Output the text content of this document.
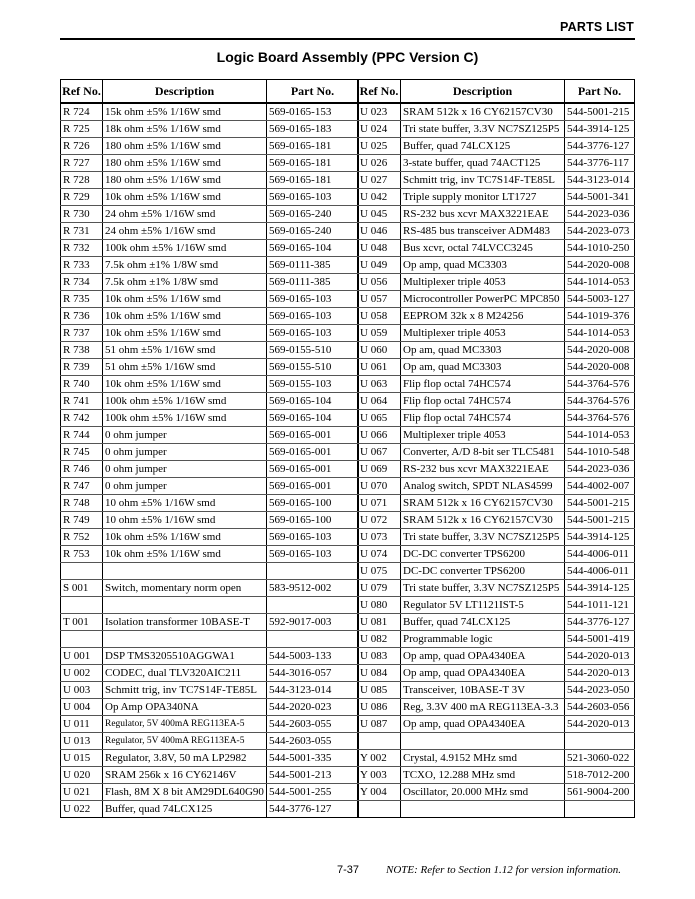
PARTS LIST
Logic Board Assembly (PPC Version C)
Ref No.	Description	Part No.
R 724	15k ohm ±5% 1/16W smd	569-0165-153
R 725	18k ohm ±5% 1/16W smd	569-0165-183
R 726	180 ohm ±5% 1/16W smd	569-0165-181
R 727	180 ohm ±5% 1/16W smd	569-0165-181
R 728	180 ohm ±5% 1/16W smd	569-0165-181
R 729	10k ohm ±5% 1/16W smd	569-0165-103
R 730	24 ohm ±5% 1/16W smd	569-0165-240
R 731	24 ohm ±5% 1/16W smd	569-0165-240
R 732	100k ohm ±5% 1/16W smd	569-0165-104
R 733	7.5k ohm ±1% 1/8W smd	569-0111-385
R 734	7.5k ohm ±1% 1/8W smd	569-0111-385
R 735	10k ohm ±5% 1/16W smd	569-0165-103
R 736	10k ohm ±5% 1/16W smd	569-0165-103
R 737	10k ohm ±5% 1/16W smd	569-0165-103
R 738	51 ohm ±5% 1/16W smd	569-0155-510
R 739	51 ohm ±5% 1/16W smd	569-0155-510
R 740	10k ohm ±5% 1/16W smd	569-0155-103
R 741	100k ohm ±5% 1/16W smd	569-0165-104
R 742	100k ohm ±5% 1/16W smd	569-0165-104
R 744	0 ohm jumper	569-0165-001
R 745	0 ohm jumper	569-0165-001
R 746	0 ohm jumper	569-0165-001
R 747	0 ohm jumper	569-0165-001
R 748	10 ohm ±5% 1/16W smd	569-0165-100
R 749	10 ohm ±5% 1/16W smd	569-0165-100
R 752	10k ohm ±5% 1/16W smd	569-0165-103
R 753	10k ohm ±5% 1/16W smd	569-0165-103

S 001	Switch, momentary norm open	583-9512-002

T 001	Isolation transformer 10BASE-T	592-9017-003

U 001	DSP TMS3205510AGGWA1	544-5003-133
U 002	CODEC, dual TLV320AIC211	544-3016-057
U 003	Schmitt trig, inv TC7S14F-TE85L	544-3123-014
U 004	Op Amp OPA340NA	544-2020-023
U 011	Regulator, 5V 400mA REG113EA-5	544-2603-055
U 013	Regulator, 5V 400mA REG113EA-5	544-2603-055
U 015	Regulator, 3.8V, 50 mA LP2982	544-5001-335
U 020	SRAM 256k x 16 CY62146V	544-5001-213
U 021	Flash, 8M X 8 bit AM29DL640G90	544-5001-255
U 022	Buffer, quad 74LCX125	544-3776-127
Ref No.	Description	Part No.
U 023	SRAM 512k x 16 CY62157CV30	544-5001-215
U 024	Tri state buffer, 3.3V NC7SZ125P5	544-3914-125
U 025	Buffer, quad 74LCX125	544-3776-127
U 026	3-state buffer, quad 74ACT125	544-3776-117
U 027	Schmitt trig, inv TC7S14F-TE85L	544-3123-014
U 042	Triple supply monitor LT1727	544-5001-341
U 045	RS-232 bus xcvr MAX3221EAE	544-2023-036
U 046	RS-485 bus transceiver ADM483	544-2023-073
U 048	Bus xcvr, octal 74LVCC3245	544-1010-250
U 049	Op amp, quad MC3303	544-2020-008
U 056	Multiplexer triple 4053	544-1014-053
U 057	Microcontroller PowerPC MPC850	544-5003-127
U 058	EEPROM 32k x 8 M24256	544-1019-376
U 059	Multiplexer triple 4053	544-1014-053
U 060	Op am, quad MC3303	544-2020-008
U 061	Op am, quad MC3303	544-2020-008
U 063	Flip flop octal 74HC574	544-3764-576
U 064	Flip flop octal 74HC574	544-3764-576
U 065	Flip flop octal 74HC574	544-3764-576
U 066	Multiplexer triple 4053	544-1014-053
U 067	Converter, A/D 8-bit ser TLC5481	544-1010-548
U 069	RS-232 bus xcvr MAX3221EAE	544-2023-036
U 070	Analog switch, SPDT NLAS4599	544-4002-007
U 071	SRAM 512k x 16 CY62157CV30	544-5001-215
U 072	SRAM 512k x 16 CY62157CV30	544-5001-215
U 073	Tri state buffer, 3.3V NC7SZ125P5	544-3914-125
U 074	DC-DC converter TPS6200	544-4006-011
U 075	DC-DC converter TPS6200	544-4006-011
U 079	Tri state buffer, 3.3V NC7SZ125P5	544-3914-125
U 080	Regulator 5V LT1121IST-5	544-1011-121
U 081	Buffer, quad 74LCX125	544-3776-127
U 082	Programmable logic	544-5001-419
U 083	Op amp, quad OPA4340EA	544-2020-013
U 084	Op amp, quad OPA4340EA	544-2020-013
U 085	Transceiver, 10BASE-T 3V	544-2023-050
U 086	Reg, 3.3V 400 mA REG113EA-3.3	544-2603-056
U 087	Op amp, quad OPA4340EA	544-2020-013

Y 002	Crystal, 4.9152 MHz smd	521-3060-022
Y 003	TCXO, 12.288 MHz smd	518-7012-200
Y 004	Oscillator, 20.000 MHz smd	561-9004-200

7-37 NOTE: Refer to Section 1.12 for version information.
